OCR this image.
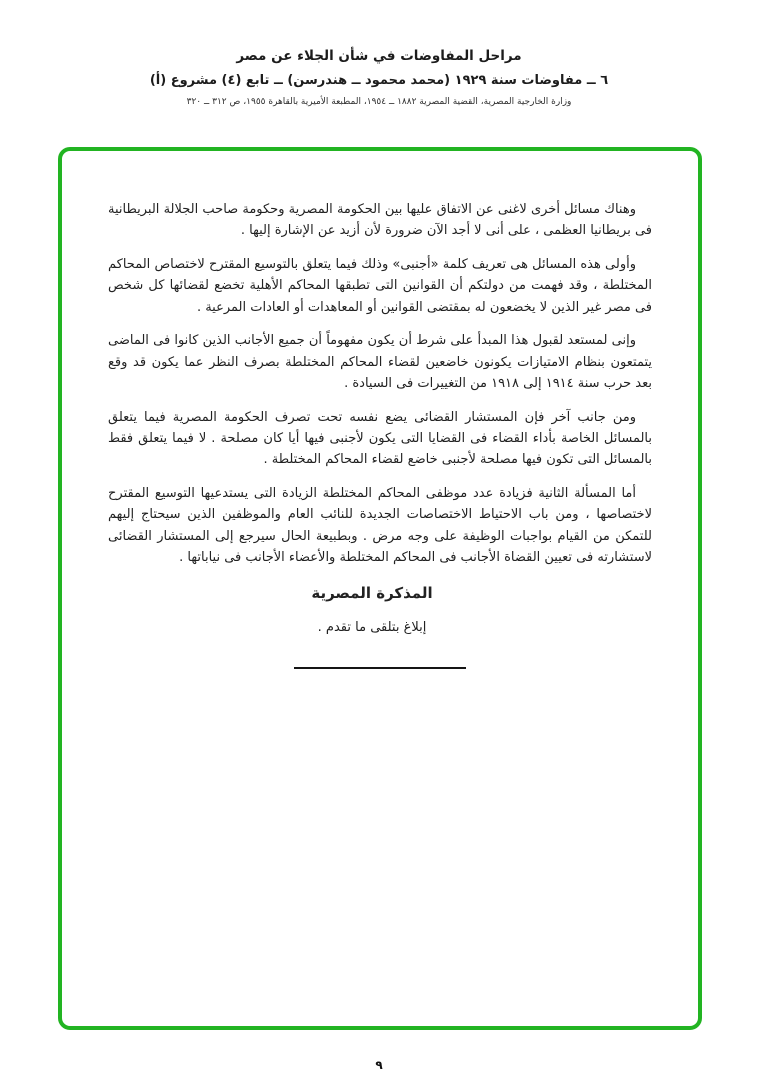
مراحل المفاوضات في شأن الجلاء عن مصر
٦ ــ مفاوضات سنة ١٩٢٩ (محمد محمود ــ هندرسن) ــ تابع (٤) مشروع (أ)
وزارة الخارجية المصرية، القضية المصرية ١٨٨٢ ــ ١٩٥٤، المطبعة الأميرية بالقاهرة ١٩٥٥، ص ٣١٢ ــ ٣٢٠

وهناك مسائل أخرى لاغنى عن الاتفاق عليها بين الحكومة المصرية وحكومة صاحب الجلالة البريطانية فى بريطانيا العظمى ، على أنى لا أجد الآن ضرورة لأن أزيد عن الإشارة إليها .

وأولى هذه المسائل هى تعريف كلمة «أجنبى» وذلك فيما يتعلق بالتوسيع المقترح لاختصاص المحاكم المختلطة ، وقد فهمت من دولتكم أن القوانين التى تطبقها المحاكم الأهلية تخضع لقضائها كل شخص فى مصر غير الذين لا يخضعون له بمقتضى القوانين أو المعاهدات أو العادات المرعية .

وإنى لمستعد لقبول هذا المبدأ على شرط أن يكون مفهوماً أن جميع الأجانب الذين كانوا فى الماضى يتمتعون بنظام الامتيازات يكونون خاضعين لقضاء المحاكم المختلطة بصرف النظر عما يكون قد وقع بعد حرب سنة ١٩١٤ إلى ١٩١٨ من التغييرات فى السيادة .

ومن جانب آخر فإن المستشار القضائى يضع نفسه تحت تصرف الحكومة المصرية فيما يتعلق بالمسائل الخاصة بأداء القضاء فى القضايا التى يكون لأجنبى فيها أيا كان مصلحة . لا فيما يتعلق فقط بالمسائل التى تكون فيها مصلحة لأجنبى خاضع لقضاء المحاكم المختلطة .

أما المسألة الثانية فزيادة عدد موظفى المحاكم المختلطة الزيادة التى يستدعيها التوسيع المقترح لاختصاصها ، ومن باب الاحتياط الاختصاصات الجديدة للنائب العام والموظفين الذين سيحتاج إليهم للتمكن من القيام بواجبات الوظيفة على وجه مرض . وبطبيعة الحال سيرجع إلى المستشار القضائى لاستشارته فى تعيين القضاة الأجانب فى المحاكم المختلطة والأعضاء الأجانب فى نياباتها .

المذكرة المصرية

إبلاغ بتلقى ما تقدم .

٩
